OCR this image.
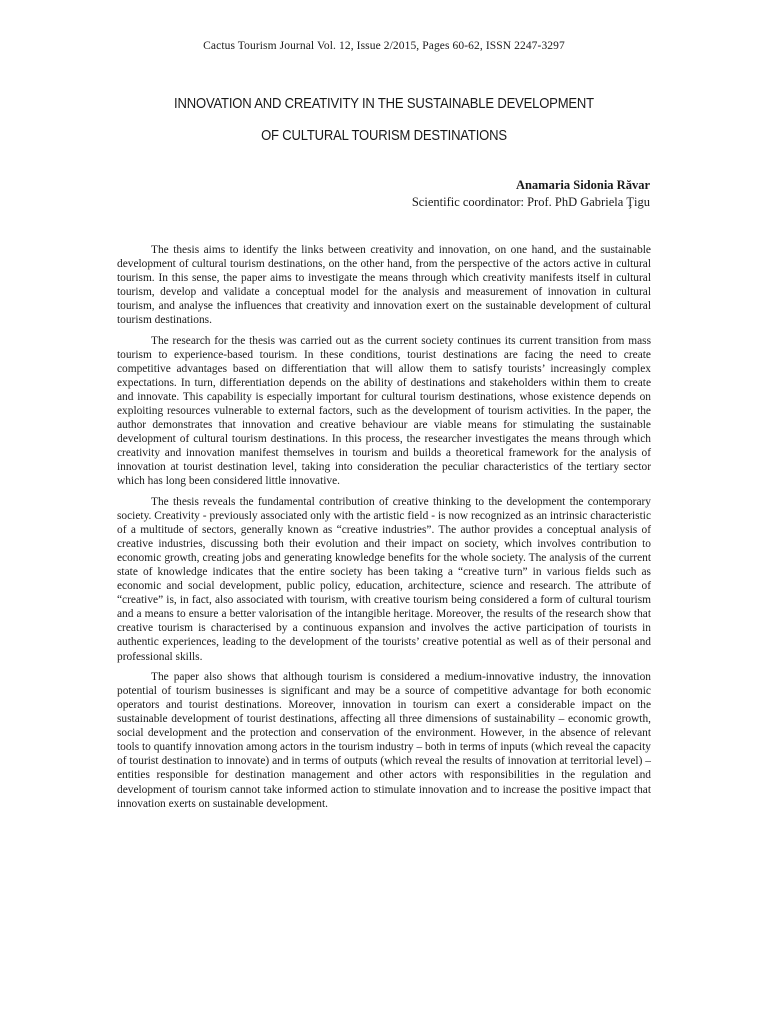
Cactus Tourism Journal Vol. 12, Issue 2/2015, Pages 60-62, ISSN 2247-3297
INNOVATION AND CREATIVITY IN THE SUSTAINABLE DEVELOPMENT
OF CULTURAL TOURISM DESTINATIONS
Anamaria Sidonia Răvar
Scientific coordinator: Prof. PhD Gabriela Ţigu

The thesis aims to identify the links between creativity and innovation, on one hand, and the sustainable development of cultural tourism destinations, on the other hand, from the perspective of the actors active in cultural tourism. In this sense, the paper aims to investigate the means through which creativity manifests itself in cultural tourism, develop and validate a conceptual model for the analysis and measurement of innovation in cultural tourism, and analyse the influences that creativity and innovation exert on the sustainable development of cultural tourism destinations.

The research for the thesis was carried out as the current society continues its current transition from mass tourism to experience-based tourism. In these conditions, tourist destinations are facing the need to create competitive advantages based on differentiation that will allow them to satisfy tourists’ increasingly complex expectations. In turn, differentiation depends on the ability of destinations and stakeholders within them to create and innovate. This capability is especially important for cultural tourism destinations, whose existence depends on exploiting resources vulnerable to external factors, such as the development of tourism activities. In the paper, the author demonstrates that innovation and creative behaviour are viable means for stimulating the sustainable development of cultural tourism destinations. In this process, the researcher investigates the means through which creativity and innovation manifest themselves in tourism and builds a theoretical framework for the analysis of innovation at tourist destination level, taking into consideration the peculiar characteristics of the tertiary sector which has long been considered little innovative.

The thesis reveals the fundamental contribution of creative thinking to the development the contemporary society. Creativity - previously associated only with the artistic field - is now recognized as an intrinsic characteristic of a multitude of sectors, generally known as “creative industries”. The author provides a conceptual analysis of creative industries, discussing both their evolution and their impact on society, which involves contribution to economic growth, creating jobs and generating knowledge benefits for the whole society. The analysis of the current state of knowledge indicates that the entire society has been taking a “creative turn” in various fields such as economic and social development, public policy, education, architecture, science and research. The attribute of “creative” is, in fact, also associated with tourism, with creative tourism being considered a form of cultural tourism and a means to ensure a better valorisation of the intangible heritage. Moreover, the results of the research show that creative tourism is characterised by a continuous expansion and involves the active participation of tourists in authentic experiences, leading to the development of the tourists’ creative potential as well as of their personal and professional skills.

The paper also shows that although tourism is considered a medium-innovative industry, the innovation potential of tourism businesses is significant and may be a source of competitive advantage for both economic operators and tourist destinations. Moreover, innovation in tourism can exert a considerable impact on the sustainable development of tourist destinations, affecting all three dimensions of sustainability – economic growth, social development and the protection and conservation of the environment. However, in the absence of relevant tools to quantify innovation among actors in the tourism industry – both in terms of inputs (which reveal the capacity of tourist destination to innovate) and in terms of outputs (which reveal the results of innovation at territorial level) – entities responsible for destination management and other actors with responsibilities in the regulation and development of tourism cannot take informed action to stimulate innovation and to increase the positive impact that innovation exerts on sustainable development.
